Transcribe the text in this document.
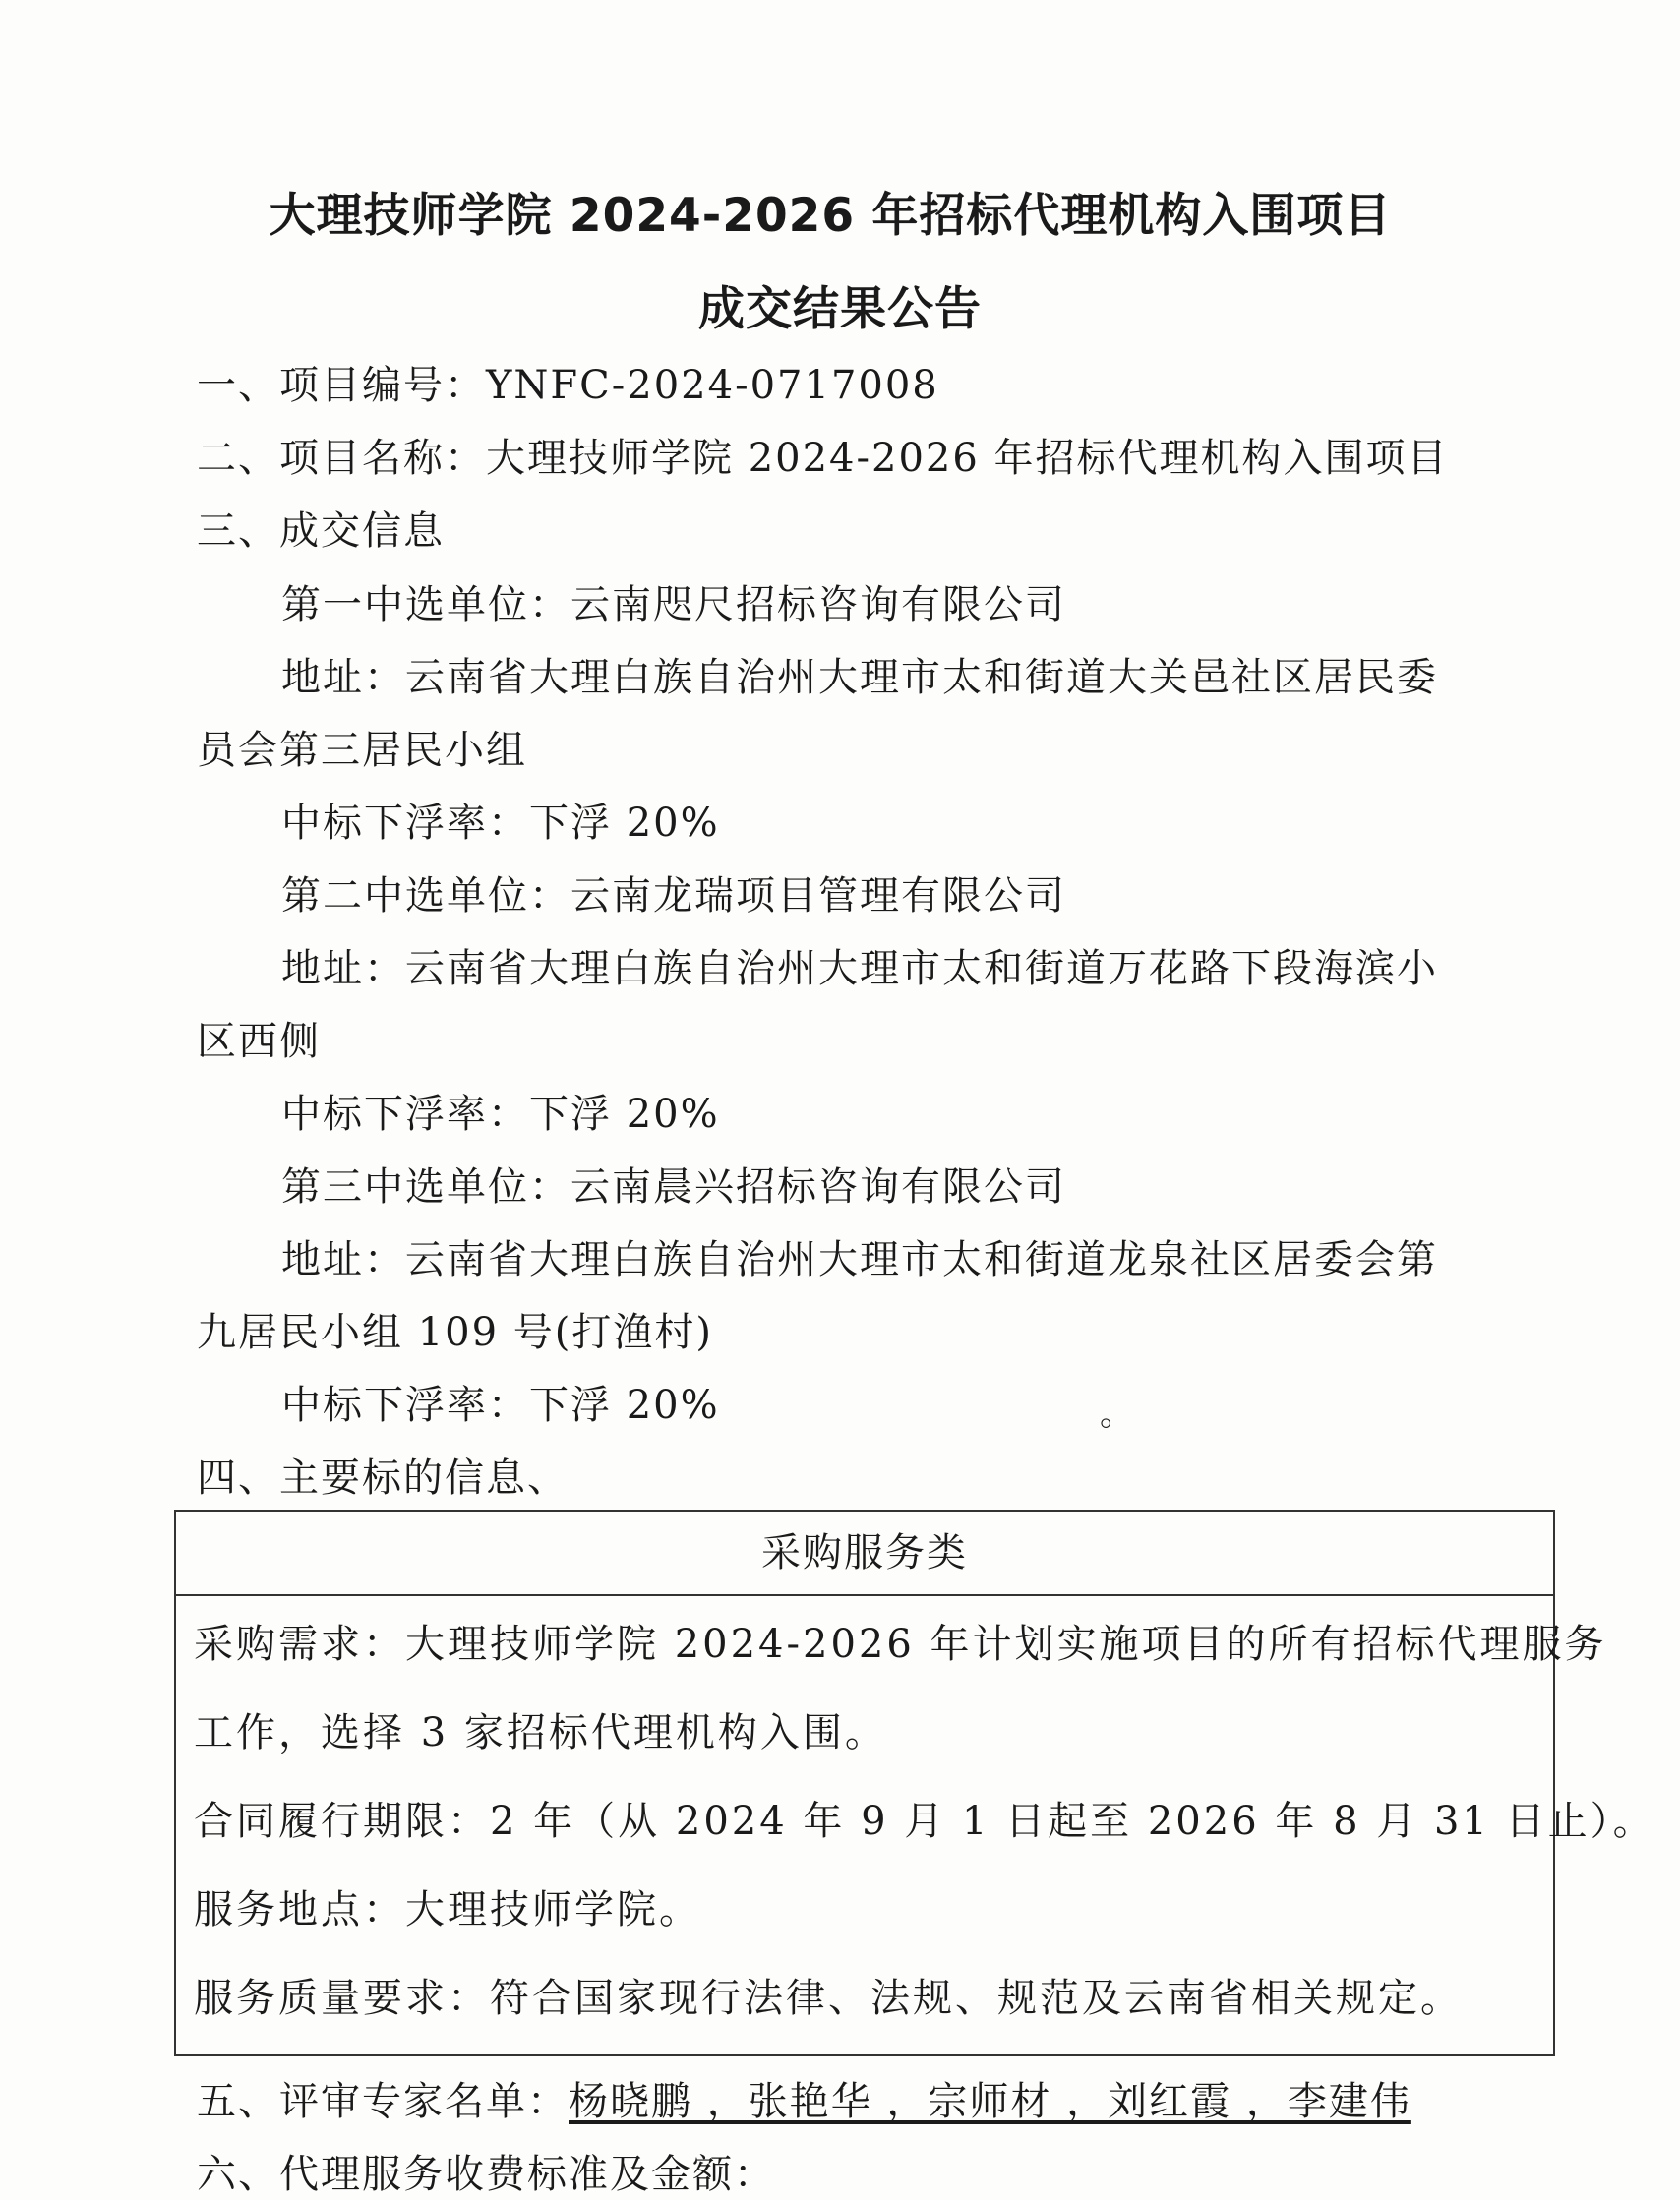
大理技师学院 2024-2026 年招标代理机构入围项目
成交结果公告
一、项目编号：YNFC-2024-0717008
二、项目名称：大理技师学院 2024-2026 年招标代理机构入围项目
三、成交信息
第一中选单位：云南咫尺招标咨询有限公司
地址：云南省大理白族自治州大理市太和街道大关邑社区居民委
员会第三居民小组
中标下浮率：下浮 20%
第二中选单位：云南龙瑞项目管理有限公司
地址：云南省大理白族自治州大理市太和街道万花路下段海滨小
区西侧
中标下浮率：下浮 20%
第三中选单位：云南晨兴招标咨询有限公司
地址：云南省大理白族自治州大理市太和街道龙泉社区居委会第
九居民小组 109 号(打渔村)
中标下浮率：下浮 20%	。
四、主要标的信息、
采购服务类
采购需求：大理技师学院 2024-2026 年计划实施项目的所有招标代理服务
工作，选择 3 家招标代理机构入围。
合同履行期限：2 年（从 2024 年 9 月 1 日起至 2026 年 8 月 31 日止）。
服务地点：大理技师学院。
服务质量要求：符合国家现行法律、法规、规范及云南省相关规定。
五、评审专家名单：杨晓鹏 ，张艳华 ，宗师材 ，刘红霞 ，李建伟
六、代理服务收费标准及金额：
